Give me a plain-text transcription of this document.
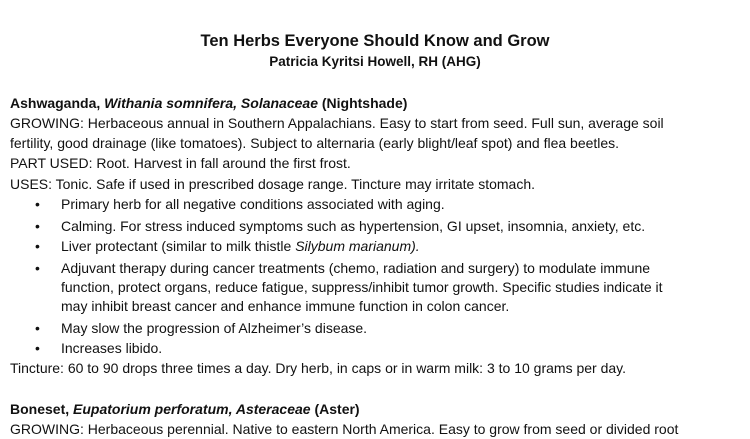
Ten Herbs Everyone Should Know and Grow
Patricia Kyritsi Howell, RH (AHG)
Ashwaganda, Withania somnifera, Solanaceae (Nightshade)
GROWING: Herbaceous annual in Southern Appalachians. Easy to start from seed. Full sun, average soil
fertility, good drainage (like tomatoes). Subject to alternaria (early blight/leaf spot) and flea beetles.
PART USED: Root. Harvest in fall around the first frost.
USES: Tonic. Safe if used in prescribed dosage range. Tincture may irritate stomach.
• Primary herb for all negative conditions associated with aging.
• Calming. For stress induced symptoms such as hypertension, GI upset, insomnia, anxiety, etc.
• Liver protectant (similar to milk thistle Silybum marianum).
• Adjuvant therapy during cancer treatments (chemo, radiation and surgery) to modulate immune
function, protect organs, reduce fatigue, suppress/inhibit tumor growth. Specific studies indicate it
may inhibit breast cancer and enhance immune function in colon cancer.
• May slow the progression of Alzheimer’s disease.
• Increases libido.
Tincture: 60 to 90 drops three times a day. Dry herb, in caps or in warm milk: 3 to 10 grams per day.
Boneset, Eupatorium perforatum, Asteraceae (Aster)
GROWING: Herbaceous perennial. Native to eastern North America. Easy to grow from seed or divided root
